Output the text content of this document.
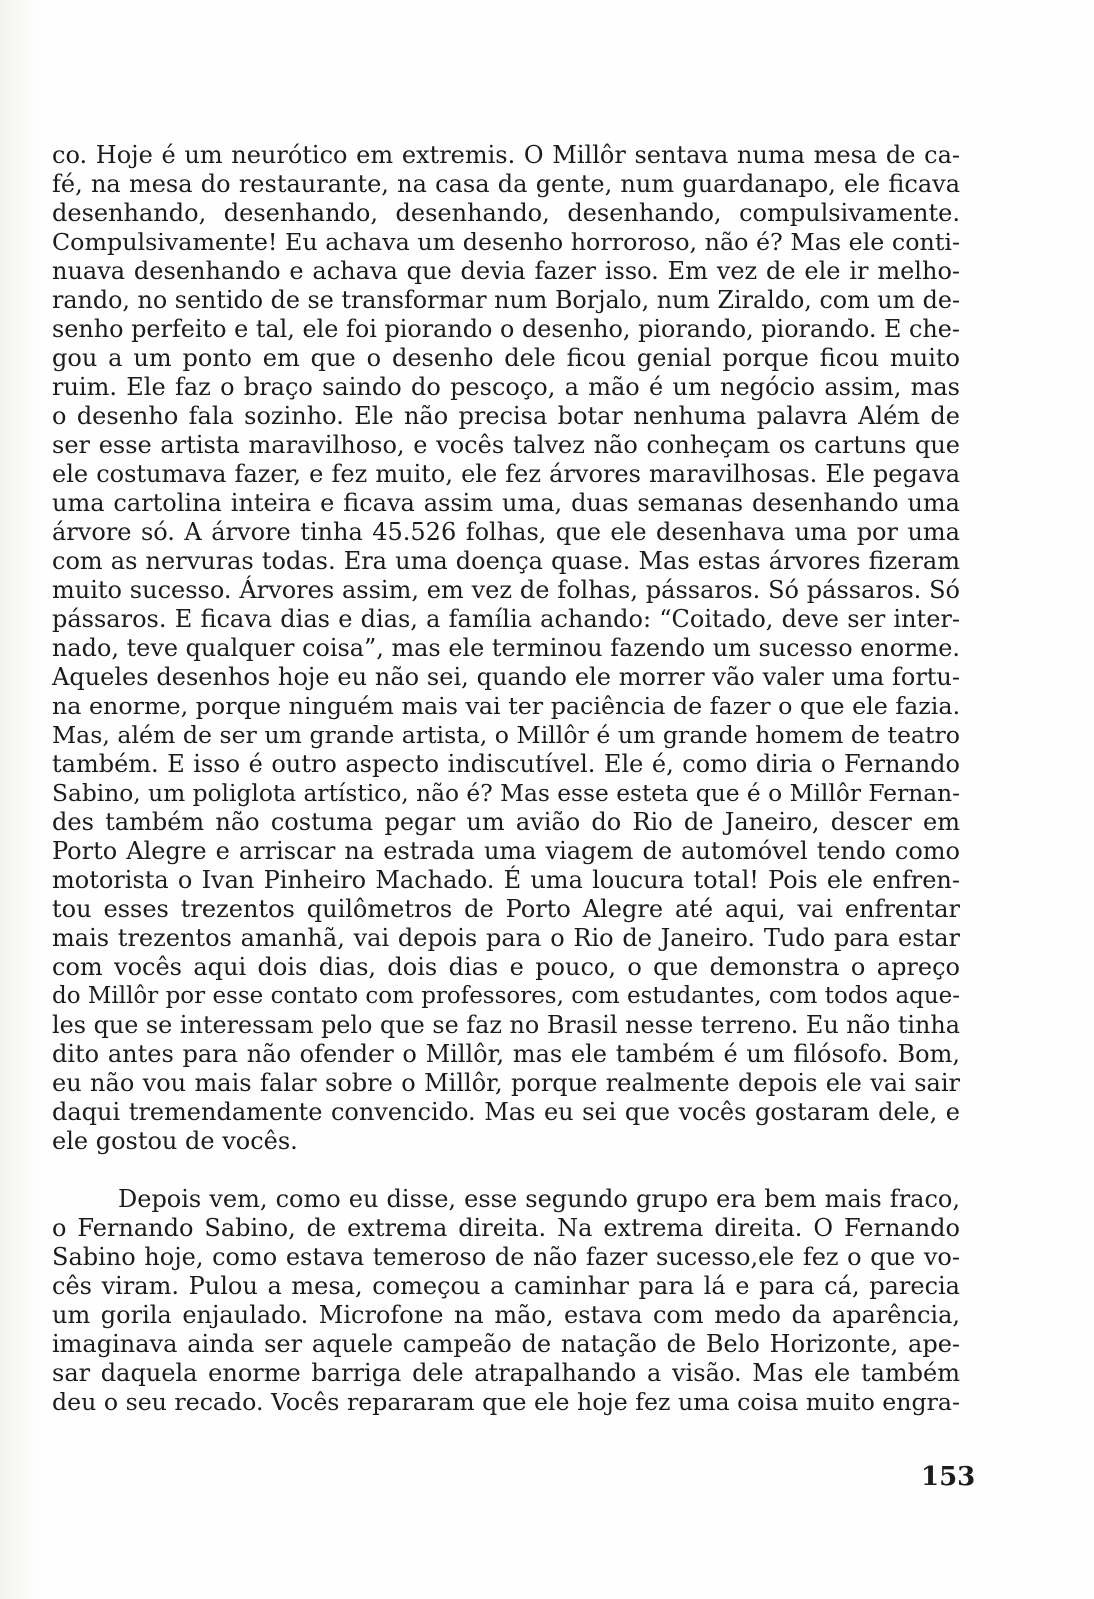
co. Hoje é um neurótico em extremis. O Millôr sentava numa mesa de ca-
fé, na mesa do restaurante, na casa da gente, num guardanapo, ele ficava
desenhando, desenhando, desenhando, desenhando, compulsivamente.
Compulsivamente! Eu achava um desenho horroroso, não é? Mas ele conti-
nuava desenhando e achava que devia fazer isso. Em vez de ele ir melho-
rando, no sentido de se transformar num Borjalo, num Ziraldo, com um de-
senho perfeito e tal, ele foi piorando o desenho, piorando, piorando. E che-
gou a um ponto em que o desenho dele ficou genial porque ficou muito
ruim. Ele faz o braço saindo do pescoço, a mão é um negócio assim, mas
o desenho fala sozinho. Ele não precisa botar nenhuma palavra Além de
ser esse artista maravilhoso, e vocês talvez não conheçam os cartuns que
ele costumava fazer, e fez muito, ele fez árvores maravilhosas. Ele pegava
uma cartolina inteira e ficava assim uma, duas semanas desenhando uma
árvore só. A árvore tinha 45.526 folhas, que ele desenhava uma por uma
com as nervuras todas. Era uma doença quase. Mas estas árvores fizeram
muito sucesso. Árvores assim, em vez de folhas, pássaros. Só pássaros. Só
pássaros. E ficava dias e dias, a família achando: “Coitado, deve ser inter-
nado, teve qualquer coisa”, mas ele terminou fazendo um sucesso enorme.
Aqueles desenhos hoje eu não sei, quando ele morrer vão valer uma fortu-
na enorme, porque ninguém mais vai ter paciência de fazer o que ele fazia.
Mas, além de ser um grande artista, o Millôr é um grande homem de teatro
também. E isso é outro aspecto indiscutível. Ele é, como diria o Fernando
Sabino, um poliglota artístico, não é? Mas esse esteta que é o Millôr Fernan-
des também não costuma pegar um avião do Rio de Janeiro, descer em
Porto Alegre e arriscar na estrada uma viagem de automóvel tendo como
motorista o Ivan Pinheiro Machado. É uma loucura total! Pois ele enfren-
tou esses trezentos quilômetros de Porto Alegre até aqui, vai enfrentar
mais trezentos amanhã, vai depois para o Rio de Janeiro. Tudo para estar
com vocês aqui dois dias, dois dias e pouco, o que demonstra o apreço
do Millôr por esse contato com professores, com estudantes, com todos aque-
les que se interessam pelo que se faz no Brasil nesse terreno. Eu não tinha
dito antes para não ofender o Millôr, mas ele também é um filósofo. Bom,
eu não vou mais falar sobre o Millôr, porque realmente depois ele vai sair
daqui tremendamente convencido. Mas eu sei que vocês gostaram dele, e
ele gostou de vocês.
Depois vem, como eu disse, esse segundo grupo era bem mais fraco,
o Fernando Sabino, de extrema direita. Na extrema direita. O Fernando
Sabino hoje, como estava temeroso de não fazer sucesso,ele fez o que vo-
cês viram. Pulou a mesa, começou a caminhar para lá e para cá, parecia
um gorila enjaulado. Microfone na mão, estava com medo da aparência,
imaginava ainda ser aquele campeão de natação de Belo Horizonte, ape-
sar daquela enorme barriga dele atrapalhando a visão. Mas ele também
deu o seu recado. Vocês repararam que ele hoje fez uma coisa muito engra-
153
